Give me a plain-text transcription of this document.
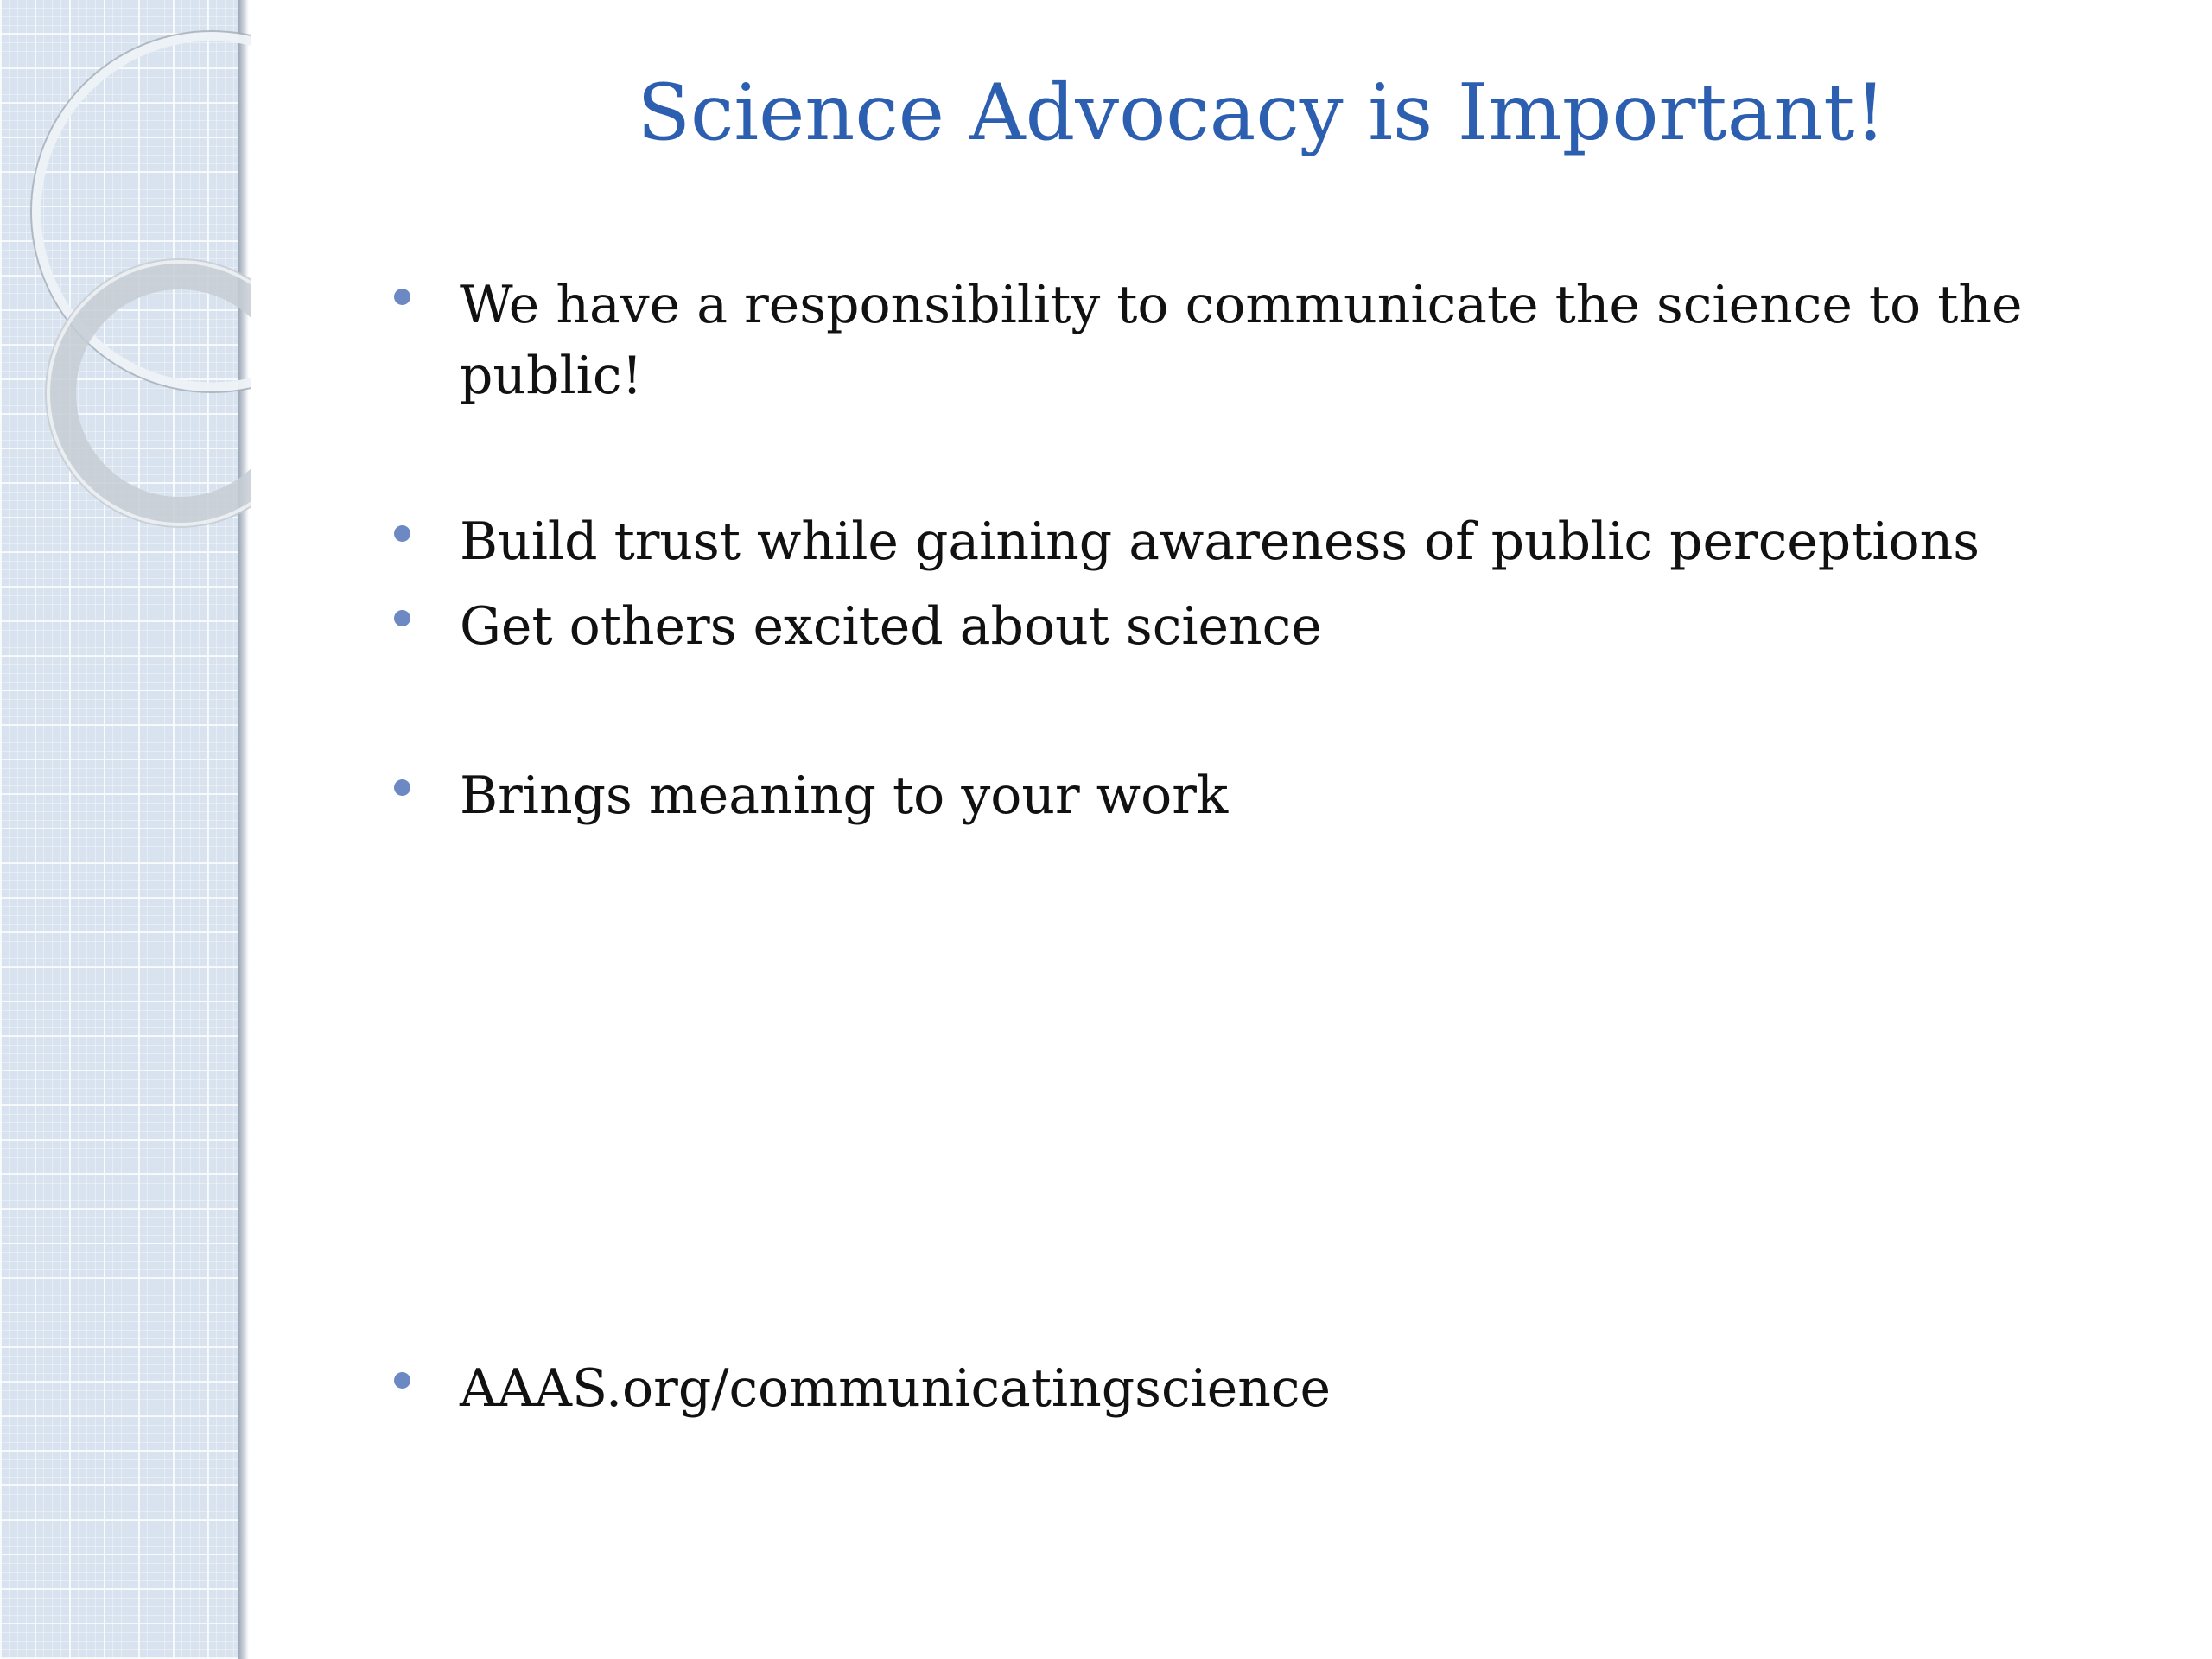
Science Advocacy is Important!
We have a responsibility to communicate the science to the public!
Build trust while gaining awareness of public perceptions
Get others excited about science
Brings meaning to your work
AAAS.org/communicatingscience
